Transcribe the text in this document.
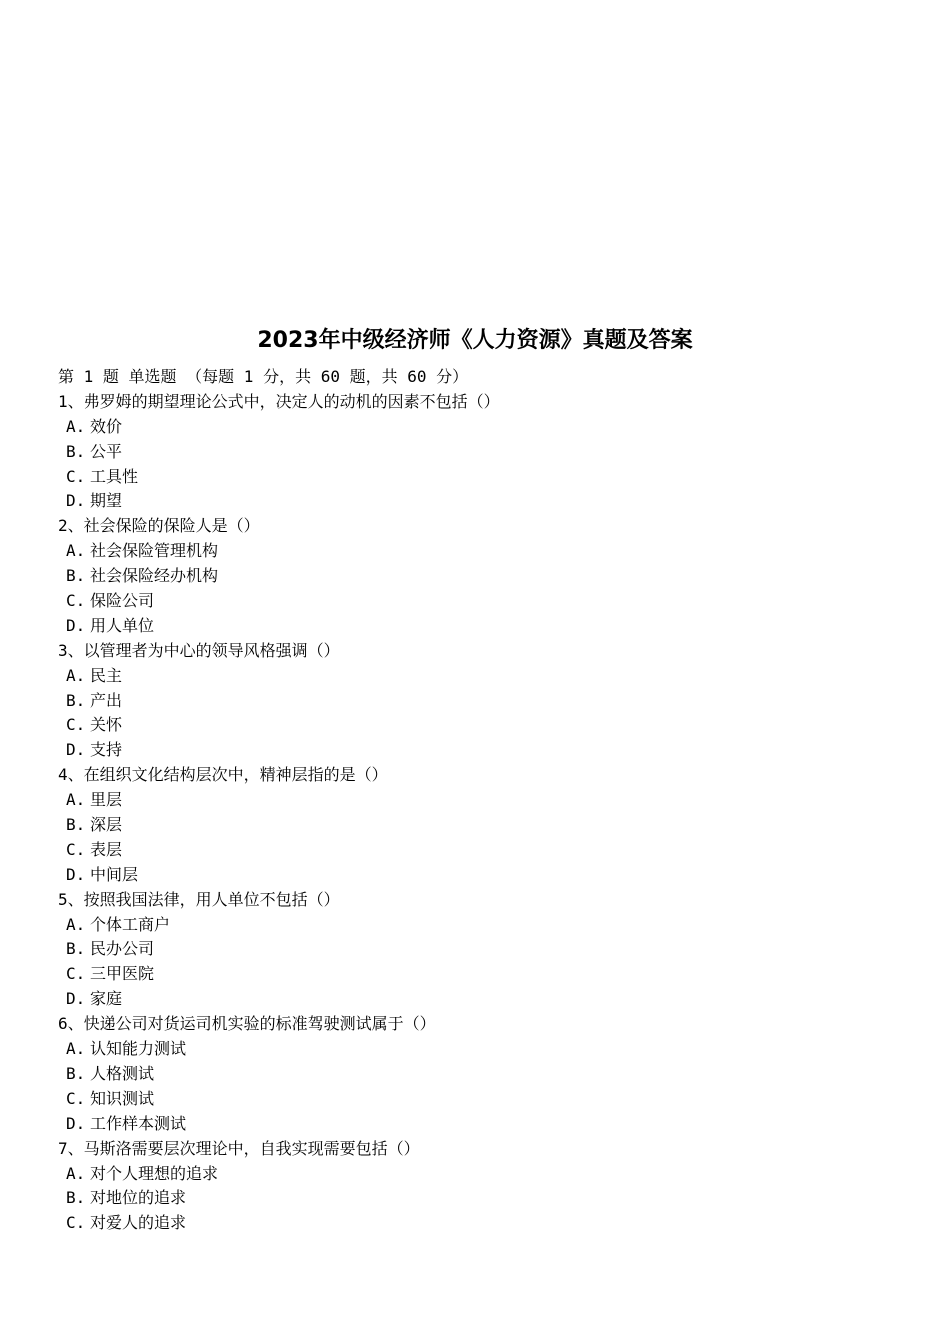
2023年中级经济师《人力资源》真题及答案
第 1 题 单选题 （每题 1 分，共 60 题，共 60 分）
1、弗罗姆的期望理论公式中，决定人的动机的因素不包括（）
A. 效价
B. 公平
C. 工具性
D. 期望
2、社会保险的保险人是（）
A. 社会保险管理机构
B. 社会保险经办机构
C. 保险公司
D. 用人单位
3、以管理者为中心的领导风格强调（）
A. 民主
B. 产出
C. 关怀
D. 支持
4、在组织文化结构层次中，精神层指的是（）
A. 里层
B. 深层
C. 表层
D. 中间层
5、按照我国法律，用人单位不包括（）
A. 个体工商户
B. 民办公司
C. 三甲医院
D. 家庭
6、快递公司对货运司机实验的标准驾驶测试属于（）
A. 认知能力测试
B. 人格测试
C. 知识测试
D. 工作样本测试
7、马斯洛需要层次理论中，自我实现需要包括（）
A. 对个人理想的追求
B. 对地位的追求
C. 对爱人的追求
